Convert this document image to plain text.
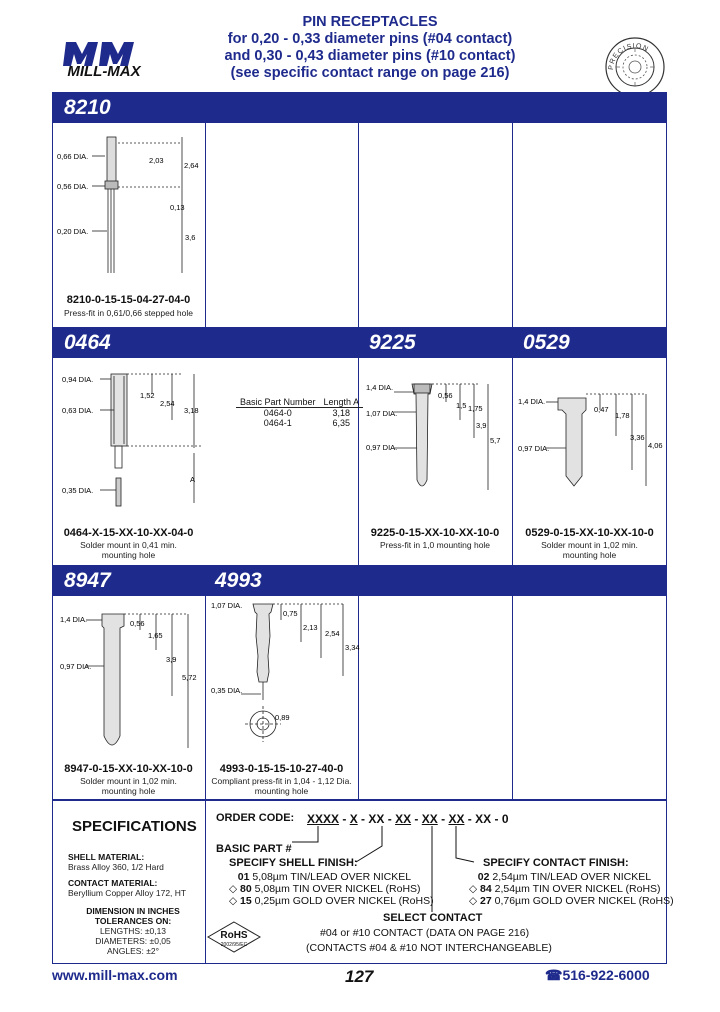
PIN RECEPTACLES
for 0,20 - 0,33 diameter pins (#04 contact)
and 0,30 - 0,43 diameter pins (#10 contact)
(see specific contact range on page 216)
MILL-MAX	PRECISION
8210
0464	9225	0529
8947	4993
0,66 DIA.
0,56 DIA.
0,20 DIA.
2,03
2,64
0,13
3,6
8210-0-15-15-04-27-04-0
Press-fit in 0,61/0,66 stepped hole
0,94 DIA.
0,63 DIA.
0,35 DIA.
1,52
2,54
3,18
A
Basic Part Number	Length A
0464-0	3,18
0464-1	6,35
0464-X-15-XX-10-XX-04-0
Solder mount in 0,41 min.
mounting hole
1,4 DIA.
1,07 DIA.
0,97 DIA.
0,56
1,5 1,75
3,9
5,7
9225-0-15-XX-10-XX-10-0
Press-fit in 1,0 mounting hole
1,4 DIA.
0,97 DIA.
0,47
1,78
3,36
4,06
0529-0-15-XX-10-XX-10-0
Solder mount in 1,02 min.
mounting hole
1,4 DIA.
0,97 DIA.
0,56
1,65
3,9
5,72
8947-0-15-XX-10-XX-10-0
Solder mount in 1,02 min.
mounting hole
1,07 DIA.
0,75
2,13
2,54
3,34
0,35 DIA.
0,89
4993-0-15-15-10-27-40-0
Compliant press-fit in 1,04 - 1,12 Dia.
mounting hole
SPECIFICATIONS
SHELL MATERIAL:
Brass Alloy 360, 1/2 Hard
CONTACT MATERIAL:
Beryllium Copper Alloy 172, HT
DIMENSION IN INCHES
TOLERANCES ON:
LENGTHS: ±0,13
DIAMETERS: ±0,05
ANGLES: ±2°
RoHS
2002/95/EC
ORDER CODE: XXXX - X - XX - XX - XX - XX - XX - 0
BASIC PART #
SPECIFY SHELL FINISH:
01 5,08µm TIN/LEAD OVER NICKEL
◇ 80 5,08µm TIN OVER NICKEL (RoHS)
◇ 15 0,25µm GOLD OVER NICKEL (RoHS)
SPECIFY CONTACT FINISH:
02 2,54µm TIN/LEAD OVER NICKEL
◇ 84 2,54µm TIN OVER NICKEL (RoHS)
◇ 27 0,76µm GOLD OVER NICKEL (RoHS)
SELECT CONTACT
#04 or #10 CONTACT (DATA ON PAGE 216)
(CONTACTS #04 & #10 NOT INTERCHANGEABLE)
www.mill-max.com	127	☎516-922-6000
